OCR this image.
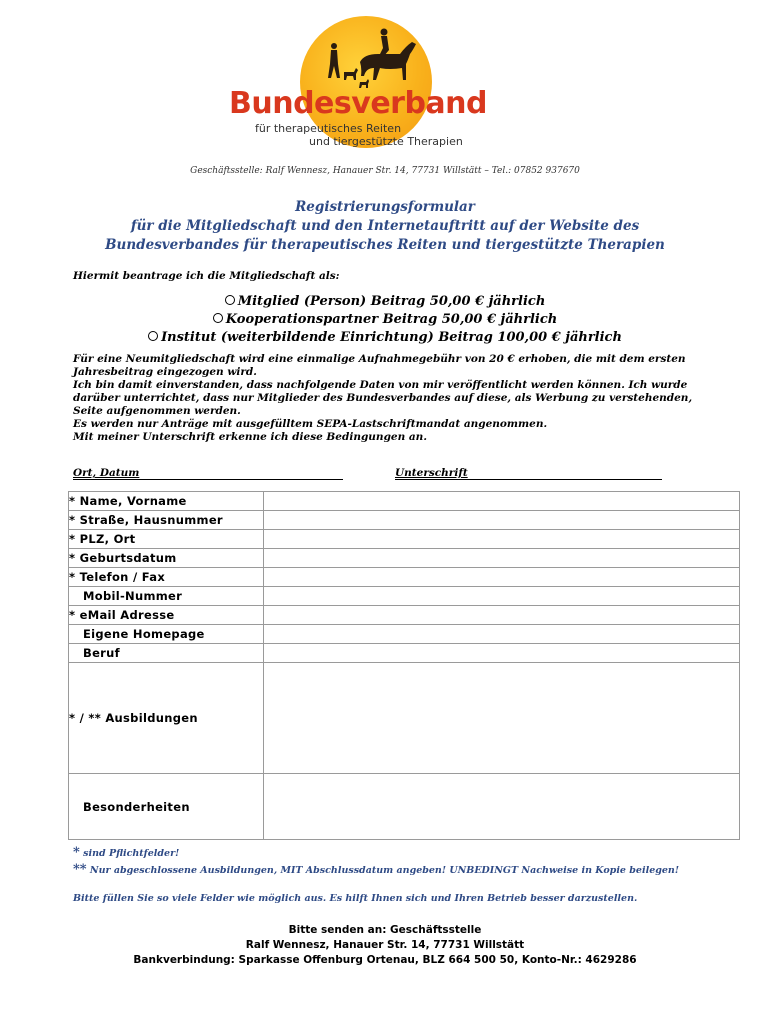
Bundesverband
für therapeutisches Reiten
und tiergestützte Therapien
Geschäftsstelle: Ralf Wennesz, Hanauer Str. 14, 77731 Willstätt – Tel.: 07852 937670
Registrierungsformular
für die Mitgliedschaft und den Internetauftritt auf der Website des
Bundesverbandes für therapeutisches Reiten und tiergestützte Therapien
Hiermit beantrage ich die Mitgliedschaft als:
Mitglied (Person) Beitrag 50,00 € jährlich
Kooperationspartner Beitrag 50,00 € jährlich
Institut (weiterbildende Einrichtung) Beitrag 100,00 € jährlich
Für eine Neumitgliedschaft wird eine einmalige Aufnahmegebühr von 20 € erhoben, die mit dem ersten Jahresbeitrag eingezogen wird.
Ich bin damit einverstanden, dass nachfolgende Daten von mir veröffentlicht werden können. Ich wurde darüber unterrichtet, dass nur Mitglieder des Bundesverbandes auf diese, als Werbung zu verstehenden, Seite aufgenommen werden.
Es werden nur Anträge mit ausgefülltem SEPA-Lastschriftmandat angenommen.
Mit meiner Unterschrift erkenne ich diese Bedingungen an.
Ort, Datum	Unterschrift
* Name, Vorname	
* Straße, Hausnummer	
* PLZ, Ort	
* Geburtsdatum	
* Telefon / Fax	
Mobil-Nummer	
* eMail Adresse	
Eigene Homepage	
Beruf	
* / ** Ausbildungen	
Besonderheiten	
* sind Pflichtfelder!
** Nur abgeschlossene Ausbildungen, MIT Abschlussdatum angeben! UNBEDINGT Nachweise in Kopie beilegen!
Bitte füllen Sie so viele Felder wie möglich aus. Es hilft Ihnen sich und Ihren Betrieb besser darzustellen.
Bitte senden an: Geschäftsstelle
Ralf Wennesz, Hanauer Str. 14, 77731 Willstätt
Bankverbindung: Sparkasse Offenburg Ortenau, BLZ 664 500 50, Konto-Nr.: 4629286
